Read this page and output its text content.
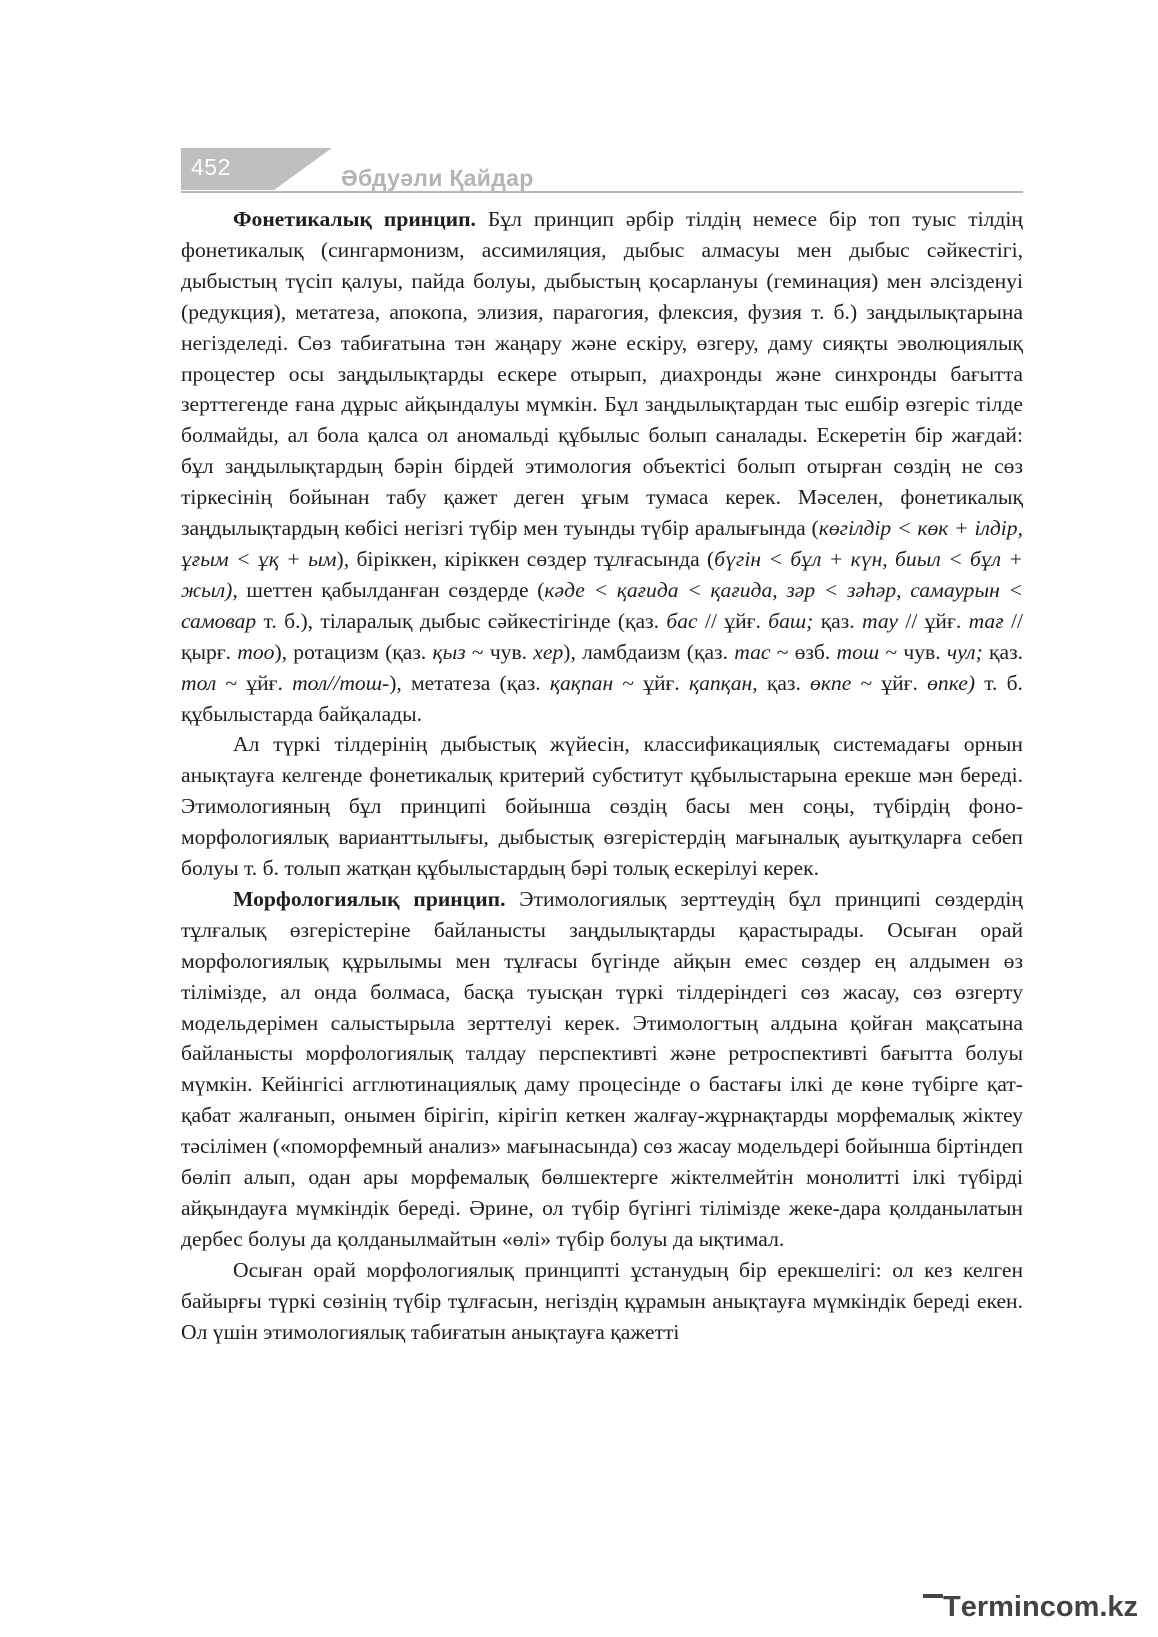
452	Әбдуәли Қайдар

Фонетикалық принцип. Бұл принцип әрбір тілдің немесе бір топ туыс тілдің фонетикалық (сингармонизм, ассимиляция, дыбыс алмасуы мен дыбыс сәйкестігі, дыбыстың түсіп қалуы, пайда болуы, дыбыстың қосарлануы (геминация) мен әлсізденуі (редукция), метатеза, апокопа, элизия, парагогия, флексия, фузия т. б.) заңдылықтарына негізделеді. Сөз табиғатына тән жаңару және ескіру, өзгеру, даму сияқты эволюциялық процестер осы заңдылықтарды ескере отырып, диахронды және синхронды бағытта зерттегенде ғана дұрыс айқындалуы мүмкін. Бұл заңдылықтардан тыс ешбір өзгеріс тілде болмайды, ал бола қалса ол аномальді құбылыс болып саналады. Ескеретін бір жағдай: бұл заңдылықтардың бәрін бірдей этимология объектісі болып отырған сөздің не сөз тіркесінің бойынан табу қажет деген ұғым тумаса керек. Мәселен, фонетикалық заңдылықтардың көбісі негізгі түбір мен туынды түбір аралығында (көгілдір < көк + ілдір, ұғым < ұқ + ым), біріккен, кіріккен сөздер тұлғасында (бүгін < бұл + күн, биыл < бұл + жыл), шеттен қабылданған сөздерде (кәде < қағида < қағида, зәр < зәһәр, самаурын < самовар т. б.), тіларалық дыбыс сәйкестігінде (қаз. бас // ұйғ. баш; қаз. тау // ұйғ. тағ // қырғ. тоо), ротацизм (қаз. қыз ~ чув. хер), ламбдаизм (қаз. тас ~ өзб. тош ~ чув. чул; қаз. тол ~ ұйғ. тол//тош-), метатеза (қаз. қақпан ~ ұйғ. қапқан, қаз. өкпе ~ ұйғ. өпке) т. б. құбылыстарда байқалады.

Ал түркі тілдерінің дыбыстық жүйесін, классификациялық системадағы орнын анықтауға келгенде фонетикалық критерий субститут құбылыстарына ерекше мән береді. Этимологияның бұл принципі бойынша сөздің басы мен соңы, түбірдің фоно-морфологиялық варианттылығы, дыбыстық өзгерістердің мағыналық ауытқуларға себеп болуы т. б. толып жатқан құбылыстардың бәрі толық ескерілуі керек.

Морфологиялық принцип. Этимологиялық зерттеудің бұл принципі сөздердің тұлғалық өзгерістеріне байланысты заңдылықтарды қарастырады. Осыған орай морфологиялық құрылымы мен тұлғасы бүгінде айқын емес сөздер ең алдымен өз тілімізде, ал онда болмаса, басқа туысқан түркі тілдеріндегі сөз жасау, сөз өзгерту модельдерімен салыстырыла зерттелуі керек. Этимологтың алдына қойған мақсатына байланысты морфологиялық талдау перспективті және ретроспективті бағытта болуы мүмкін. Кейінгісі агглютинациялық даму процесінде о бастағы ілкі де көне түбірге қат-қабат жалғанып, онымен бірігіп, кірігіп кеткен жалғау-жұрнақтарды морфемалық жіктеу тәсілімен («поморфемный анализ» мағынасында) сөз жасау модельдері бойынша біртіндеп бөліп алып, одан ары морфемалық бөлшектерге жіктелмейтін монолитті ілкі түбірді айқындауға мүмкіндік береді. Әрине, ол түбір бүгінгі тілімізде жеке-дара қолданылатын дербес болуы да қолданылмайтын «өлі» түбір болуы да ықтимал.

Осыған орай морфологиялық принципті ұстанудың бір ерекшелігі: ол кез келген байырғы түркі сөзінің түбір тұлғасын, негіздің құрамын анықтауға мүмкіндік береді екен. Ол үшін этимологиялық табиғатын анықтауға қажетті

Termincom.kz
